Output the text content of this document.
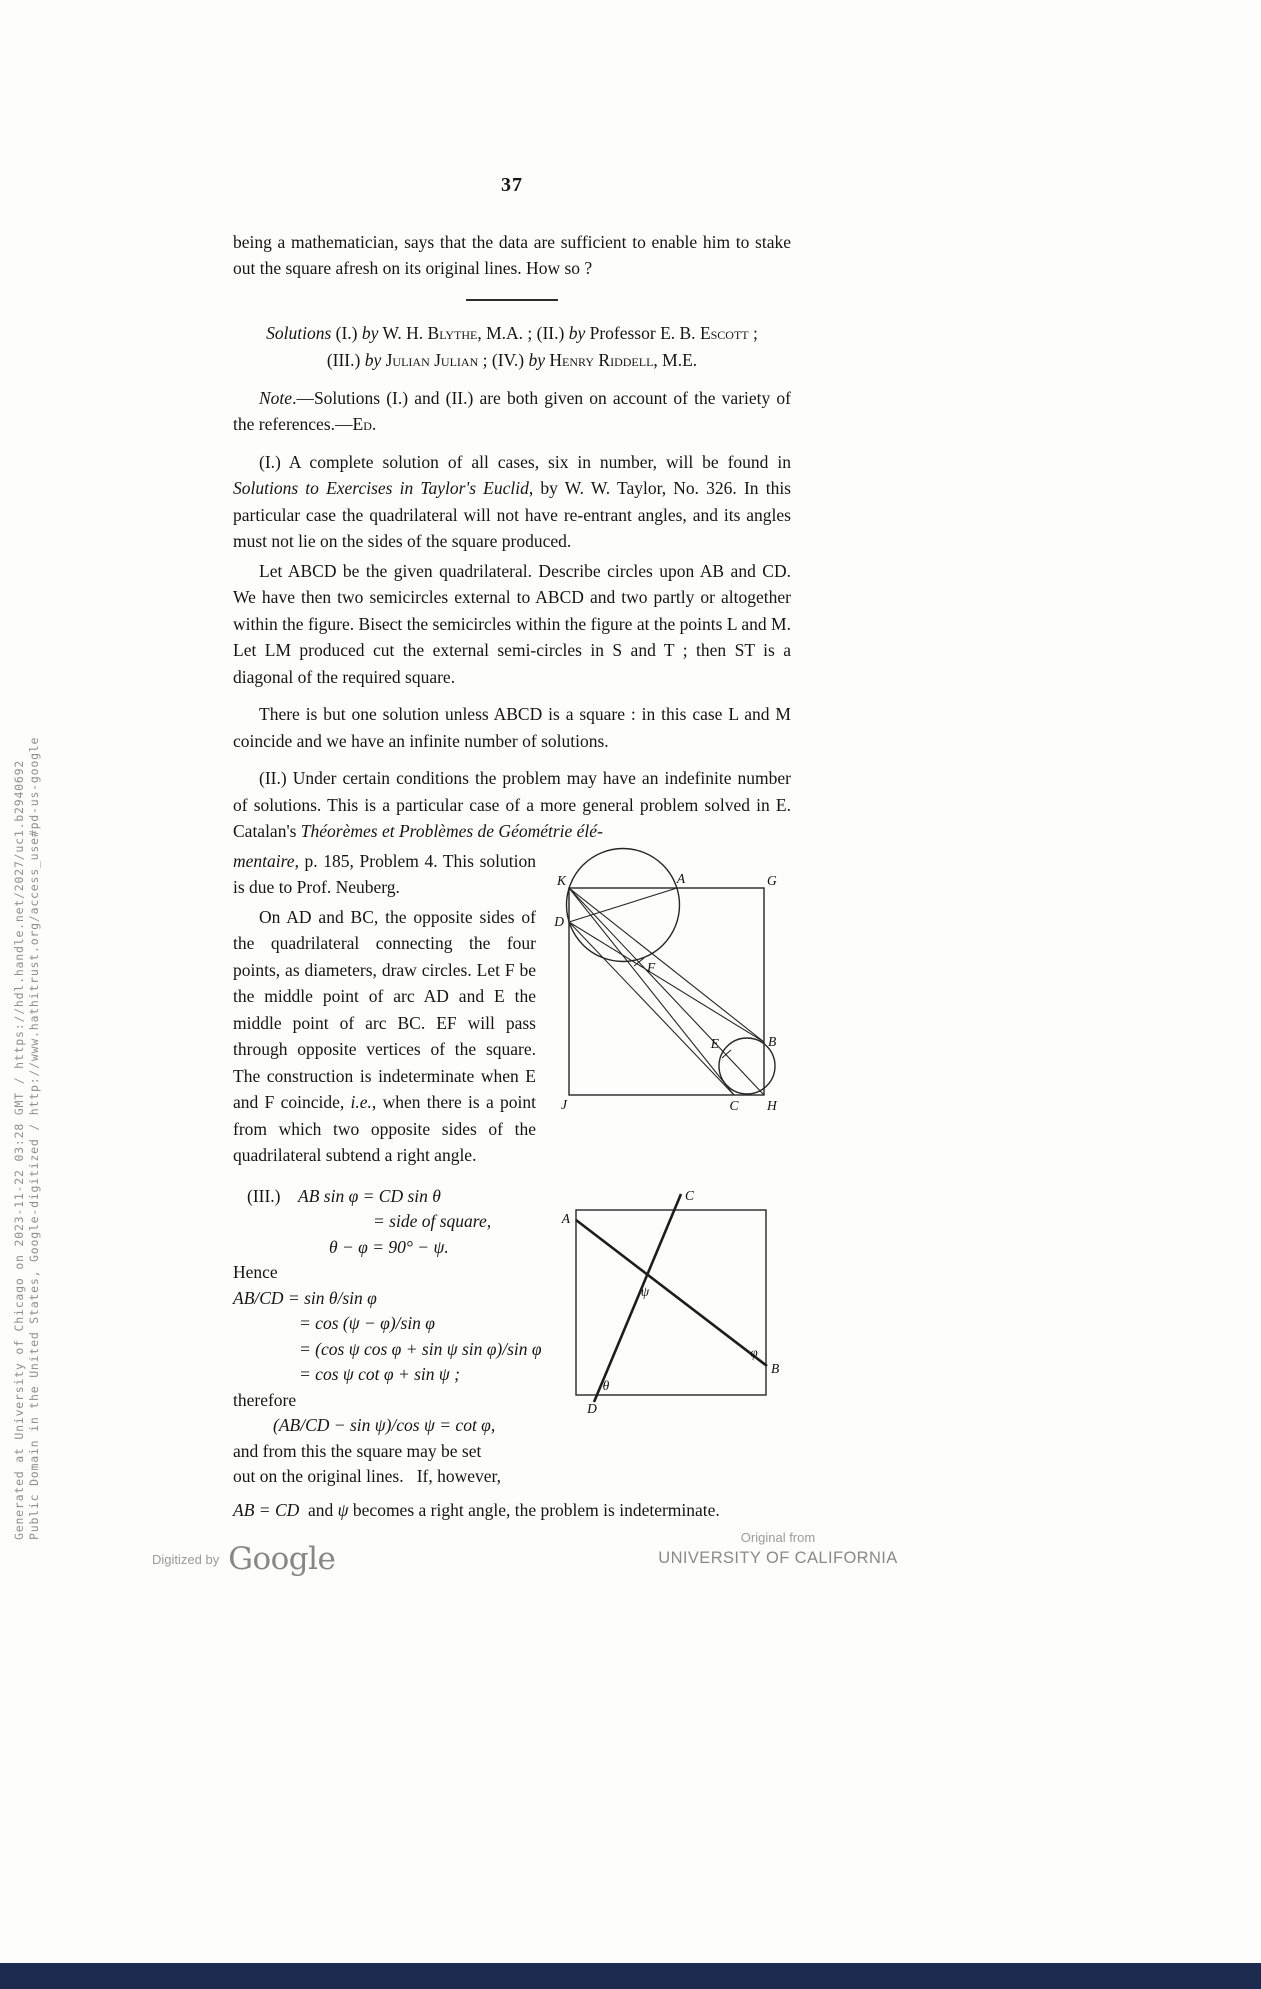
Generated at University of Chicago on 2023-11-22 03:28 GMT / https://hdl.handle.net/2027/uc1.b2940692 Public Domain in the United States, Google-digitized / http://www.hathitrust.org/access_use#pd-us-google
37

being a mathematician, says that the data are sufficient to enable him to stake out the square afresh on its original lines. How so ?

Solutions (I.) by W. H. Blythe, M.A. ; (II.) by Professor E. B. Escott ;

(III.) by Julian Julian ; (IV.) by Henry Riddell, M.E.

Note.—Solutions (I.) and (II.) are both given on account of the variety of the references.—Ed.

(I.) A complete solution of all cases, six in number, will be found in Solutions to Exercises in Taylor's Euclid, by W. W. Taylor, No. 326. In this particular case the quadrilateral will not have re-entrant angles, and its angles must not lie on the sides of the square produced.

Let ABCD be the given quadrilateral. Describe circles upon AB and CD. We have then two semicircles external to ABCD and two partly or altogether within the figure. Bisect the semicircles within the figure at the points L and M. Let LM produced cut the external semi-circles in S and T ; then ST is a diagonal of the required square.

There is but one solution unless ABCD is a square : in this case L and M coincide and we have an infinite number of solutions.

(II.) Under certain conditions the problem may have an indefinite number of solutions. This is a particular case of a more general problem solved in E. Catalan's Théorèmes et Problèmes de Géométrie élé-

mentaire, p. 185, Problem 4. This solution is due to Prof. Neuberg.

On AD and BC, the opposite sides of the quadrilateral connecting the four points, as diameters, draw circles. Let F be the middle point of arc AD and E the middle point of arc BC. EF will pass through opposite vertices of the square. The construction is indeterminate when E and F coincide, i.e., when there is a point from which two opposite sides of the quadrilateral subtend a right angle.

K	A	G
D
F
E	B
J	C H
(III.)    AB sin φ = CD sin θ
= side of square,
θ − φ = 90° − ψ.
Hence
AB/CD = sin θ/sin φ
= cos (ψ − φ)/sin φ
= (cos ψ cos φ + sin ψ sin φ)/sin φ
= cos ψ cot φ + sin ψ ;
therefore
(AB/CD − sin ψ)/cos ψ = cot φ,
and from this the square may be set
out on the original lines.   If, however,
A
C
B
D
ψ
θ
φ

AB = CD  and ψ becomes a right angle, the problem is indeterminate.

Digitized by Google
Original from
UNIVERSITY OF CALIFORNIA
